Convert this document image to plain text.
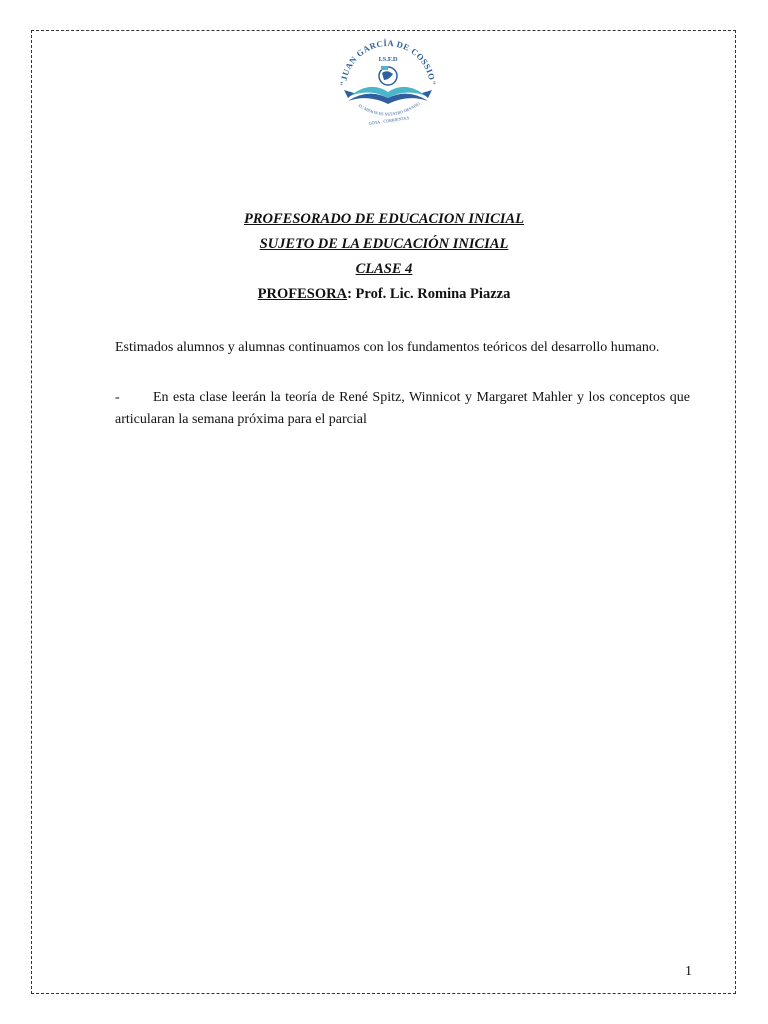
"JUAN GARCÍA DE COSSIO"
I.S.F.D
TU MISION ES NUESTRO DESAFIO
GOYA - CORRIENTES
PROFESORADO DE EDUCACION INICIAL
SUJETO DE LA EDUCACIÓN INICIAL
CLASE 4
PROFESORA: Prof. Lic. Romina Piazza
Estimados alumnos y alumnas continuamos con los fundamentos teóricos del desarrollo humano.
- En esta clase leerán la teoría de René Spitz, Winnicot y Margaret Mahler y los conceptos que articularan la semana próxima para el parcial
1
